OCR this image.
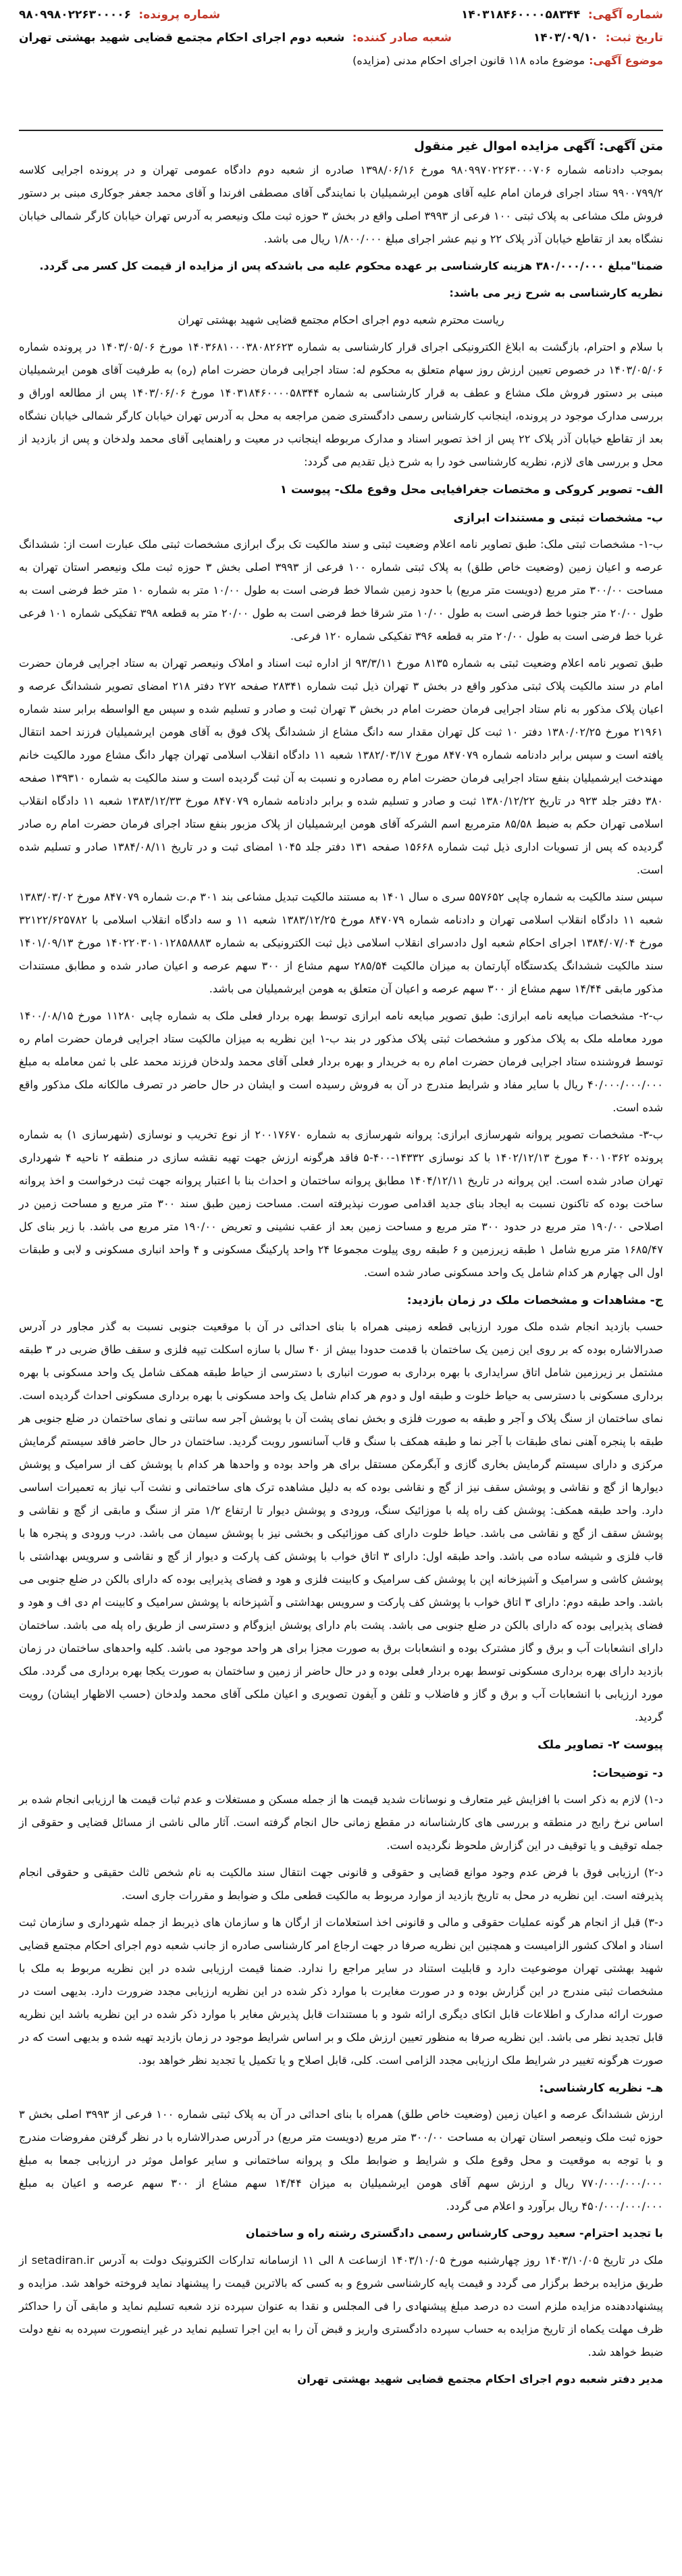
شماره آگهی: ۱۴۰۳۱۸۴۶۰۰۰۰۵۸۳۴۴
شماره پرونده: ۹۸۰۹۹۸۰۲۲۶۳۰۰۰۰۶
تاریخ ثبت: ۱۴۰۳/۰۹/۱۰
شعبه صادر کننده: شعبه دوم اجرای احکام مجتمع قضایی شهید بهشتی تهران
موضوع آگهی:
موضوع ماده ۱۱۸ قانون اجرای احکام مدنی (مزایده)
متن آگهی: آگهی مزایده اموال غیر منقول

بموجب دادنامه شماره ۹۸۰۹۹۷۰۲۲۶۳۰۰۰۷۰۶ مورخ ۱۳۹۸/۰۶/۱۶ صادره از شعبه دوم دادگاه عمومی تهران و در پرونده اجرایی کلاسه ۹۹۰۰۷۹۹/۲ ستاد اجرای فرمان امام علیه آقای هومن ایرشمیلیان با نمایندگی آقای مصطفی افرندا و آقای محمد جعفر جوکاری مبنی بر دستور فروش ملک مشاعی به پلاک ثبتی ۱۰۰ فرعی از ۳۹۹۳ اصلی واقع در بخش ۳ حوزه ثبت ملک ونیعصر به آدرس تهران خیابان کارگر شمالی خیابان نشگاه بعد از تقاطع خیابان آذر پلاک ۲۲ و نیم عشر اجرای مبلغ ۱/۸۰۰/۰۰۰ ریال می باشد.

ضمنا"مبلغ ۳۸۰/۰۰۰/۰۰۰ هزینه کارشناسی بر عهده محکوم علیه می باشدکه پس از مزایده از قیمت کل کسر می گردد.

نظریه کارشناسی به شرح زیر می باشد:

ریاست محترم شعبه دوم اجرای احکام مجتمع قضایی شهید بهشتی تهران

با سلام و احترام، بازگشت به ابلاغ الکترونیکی اجرای قرار کارشناسی به شماره ۱۴۰۳۶۸۱۰۰۰۳۸۰۸۲۶۲۳ مورخ ۱۴۰۳/۰۵/۰۶ در پرونده شماره ۱۴۰۳/۰۵/۰۶ در خصوص تعیین ارزش روز سهام متعلق به محکوم له: ستاد اجرایی فرمان حضرت امام (ره) به طرفیت آقای هومن ایرشمیلیان مبنی بر دستور فروش ملک مشاع و عطف به قرار کارشناسی به شماره ۱۴۰۳۱۸۴۶۰۰۰۰۵۸۳۴۴ مورخ ۱۴۰۳/۰۶/۰۶ پس از مطالعه اوراق و بررسی مدارک موجود در پرونده، اینجانب کارشناس رسمی دادگستری ضمن مراجعه به محل به آدرس تهران خیابان کارگر شمالی خیابان نشگاه بعد از تقاطع خیابان آذر پلاک ۲۲ پس از اخذ تصویر اسناد و مدارک مربوطه اینجانب در معیت و راهنمایی آقای محمد ولدخان و پس از بازدید از محل و بررسی های لازم، نظریه کارشناسی خود را به شرح ذیل تقدیم می گردد:

الف- تصویر کروکی و مختصات جغرافیایی محل وقوع ملک- پیوست ۱
ب- مشخصات ثبتی و مستندات ابرازی

ب-۱- مشخصات ثبتی ملک: طبق تصاویر نامه اعلام وضعیت ثبتی و سند مالکیت تک برگ ابرازی مشخصات ثبتی ملک عبارت است از: ششدانگ عرصه و اعیان زمین (وضعیت خاص طلق) به پلاک ثبتی شماره ۱۰۰ فرعی از ۳۹۹۳ اصلی بخش ۳ حوزه ثبت ملک ونیعصر استان تهران به مساحت ۳۰۰/۰۰ متر مربع (دویست متر مربع) با حدود زمین شمالا خط فرضی است به طول ۱۰/۰۰ متر به شماره ۱۰ متر خط فرضی است به طول ۲۰/۰۰ متر جنوبا خط فرضی است به طول ۱۰/۰۰ متر شرقا خط فرضی است به طول ۲۰/۰۰ متر به قطعه ۳۹۸ تفکیکی شماره ۱۰۱ فرعی غربا خط فرضی است به طول ۲۰/۰۰ متر به قطعه ۳۹۶ تفکیکی شماره ۱۲۰ فرعی.

طبق تصویر نامه اعلام وضعیت ثبتی به شماره ۸۱۳۵ مورخ ۹۳/۳/۱۱ از اداره ثبت اسناد و املاک ونیعصر تهران به ستاد اجرایی فرمان حضرت امام در سند مالکیت پلاک ثبتی مذکور واقع در بخش ۳ تهران ذیل ثبت شماره ۲۸۳۴۱ صفحه ۲۷۲ دفتر ۲۱۸ امضای تصویر ششدانگ عرصه و اعیان پلاک مذکور به نام ستاد اجرایی فرمان حضرت امام در بخش ۳ تهران ثبت و صادر و تسلیم شده و سپس مع الواسطه برابر سند شماره ۲۱۹۶۱ مورخ ۱۳۸۰/۰۲/۲۵ دفتر ۱۰ ثبت کل تهران مقدار سه دانگ مشاع از ششدانگ پلاک فوق به آقای هومن ایرشمیلیان فرزند احمد انتقال یافته است و سپس برابر دادنامه شماره ۸۴۷۰۷۹ مورخ ۱۳۸۲/۰۳/۱۷ شعبه ۱۱ دادگاه انقلاب اسلامی تهران چهار دانگ مشاع مورد مالکیت خانم مهندخت ایرشمیلیان بنفع ستاد اجرایی فرمان حضرت امام ره مصادره و نسبت به آن ثبت گردیده است و سند مالکیت به شماره ۱۳۹۳۱۰ صفحه ۳۸۰ دفتر جلد ۹۲۳ در تاریخ ۱۳۸۰/۱۲/۲۲ ثبت و صادر و تسلیم شده و برابر دادنامه شماره ۸۴۷۰۷۹ مورخ ۱۳۸۳/۱۲/۳۳ شعبه ۱۱ دادگاه انقلاب اسلامی تهران حکم به ضبط ۸۵/۵۸ مترمربع اسم الشرکه آقای هومن ایرشمیلیان از پلاک مزبور بنفع ستاد اجرای فرمان حضرت امام ره صادر گردیده که پس از تسویات اداری ذیل ثبت شماره ۱۵۶۶۸ صفحه ۱۳۱ دفتر جلد ۱۰۴۵ امضای ثبت و در تاریخ ۱۳۸۴/۰۸/۱۱ صادر و تسلیم شده است.

سپس سند مالکیت به شماره چاپی ۵۵۷۶۵۲ سری ه سال ۱۴۰۱ به مستند مالکیت تبدیل مشاعی بند ۳۰۱ م.ت شماره ۸۴۷۰۷۹ مورخ ۱۳۸۳/۰۳/۰۲ شعبه ۱۱ دادگاه انقلاب اسلامی تهران و دادنامه شماره ۸۴۷۰۷۹ مورخ ۱۳۸۳/۱۲/۲۵ شعبه ۱۱ و سه دادگاه انقلاب اسلامی با ۳۲۱۲۲/۶۲۵۷۸۲ مورخ ۱۳۸۴/۰۷/۰۴ اجرای احکام شعبه اول دادسرای انقلاب اسلامی ذیل ثبت الکترونیکی به شماره ۱۴۰۲۲۰۳۰۱۰۱۲۸۵۸۸۸۳ مورخ ۱۴۰۱/۰۹/۱۳ سند مالکیت ششدانگ یکدستگاه آپارتمان به میزان مالکیت ۲۸۵/۵۴ سهم مشاع از ۳۰۰ سهم عرصه و اعیان صادر شده و مطابق مستندات مذکور مابقی ۱۴/۴۴ سهم مشاع از ۳۰۰ سهم عرصه و اعیان آن متعلق به هومن ایرشمیلیان می باشد.

ب-۲- مشخصات مبایعه نامه ابرازی: طبق تصویر مبایعه نامه ابرازی توسط بهره بردار فعلی ملک به شماره چاپی ۱۱۲۸۰ مورخ ۱۴۰۰/۰۸/۱۵ مورد معامله ملک به پلاک مذکور و مشخصات ثبتی پلاک مذکور در بند ب-۱ این نظریه به میزان مالکیت ستاد اجرایی فرمان حضرت امام ره توسط فروشنده ستاد اجرایی فرمان حضرت امام ره به خریدار و بهره بردار فعلی آقای محمد ولدخان فرزند محمد علی با ثمن معامله به مبلغ ۴۰/۰۰۰/۰۰۰/۰۰۰ ریال با سایر مفاد و شرایط مندرج در آن به فروش رسیده است و ایشان در حال حاضر در تصرف مالکانه ملک مذکور واقع شده است.

ب-۳- مشخصات تصویر پروانه شهرسازی ابرازی: پروانه شهرسازی به شماره ۲۰۰۱۷۶۷۰ از نوع تخریب و نوسازی (شهرسازی ۱) به شماره پرونده ۴۰۰۱۰۳۶۲ مورخ ۱۴۰۲/۱۲/۱۳ با کد نوسازی ۱۴۳۳۲-۴۰۰-۵ فاقد هرگونه ارزش جهت تهیه نقشه سازی در منطقه ۲ ناحیه ۴ شهرداری تهران صادر شده است. این پروانه در تاریخ ۱۴۰۴/۱۲/۱۱ مطابق پروانه ساختمان و احداث بنا با اعتبار پروانه جهت ثبت درخواست و اخذ پروانه ساخت بوده که تاکنون نسبت به ایجاد بنای جدید اقدامی صورت نپذیرفته است. مساحت زمین طبق سند ۳۰۰ متر مربع و مساحت زمین در اصلاحی ۱۹۰/۰۰ متر مربع در حدود ۳۰۰ متر مربع و مساحت زمین بعد از عقب نشینی و تعریض ۱۹۰/۰۰ متر مربع می باشد. با زیر بنای کل ۱۶۸۵/۴۷ متر مربع شامل ۱ طبقه زیرزمین و ۶ طبقه روی پیلوت مجموعا ۲۴ واحد پارکینگ مسکونی و ۴ واحد انباری مسکونی و لابی و طبقات اول الی چهارم هر کدام شامل یک واحد مسکونی صادر شده است.

ج- مشاهدات و مشخصات ملک در زمان بازدید:

حسب بازدید انجام شده ملک مورد ارزیابی قطعه زمینی همراه با بنای احداثی در آن با موقعیت جنوبی نسبت به گذر مجاور در آدرس صدرالاشاره بوده که بر روی این زمین یک ساختمان با قدمت حدودا بیش از ۴۰ سال با سازه اسکلت تیپه فلزی و سقف طاق ضربی در ۳ طبقه مشتمل بر زیرزمین شامل اتاق سرایداری با بهره برداری به صورت انباری با دسترسی از حیاط طبقه همکف شامل یک واحد مسکونی با بهره برداری مسکونی با دسترسی به حیاط خلوت و طبقه اول و دوم هر کدام شامل یک واحد مسکونی با بهره برداری مسکونی احداث گردیده است. نمای ساختمان از سنگ پلاک و آجر و طبقه به صورت فلزی و بخش نمای پشت آن با پوشش آجر سه سانتی و نمای ساختمان در ضلع جنوبی هر طبقه با پنجره آهنی نمای طبقات با آجر نما و طبقه همکف با سنگ و قاب آسانسور روبت گردید. ساختمان در حال حاضر فاقد سیستم گرمایش مرکزی و دارای سیستم گرمایش بخاری گازی و آبگرمکن مستقل برای هر واحد بوده و واحدها هر کدام با پوشش کف از سرامیک و پوشش دیوارها از گچ و نقاشی و پوشش سقف نیز از گچ و نقاشی بوده که به دلیل مشاهده ترک های ساختمانی و نشت آب نیاز به تعمیرات اساسی دارد. واحد طبقه همکف: پوشش کف راه پله با موزائیک سنگ، ورودی و پوشش دیوار تا ارتفاع ۱/۲ متر از سنگ و مابقی از گچ و نقاشی و پوشش سقف از گچ و نقاشی می باشد. حیاط خلوت دارای کف موزائیکی و بخشی نیز با پوشش سیمان می باشد. درب ورودی و پنجره ها با قاب فلزی و شیشه ساده می باشد. واحد طبقه اول: دارای ۳ اتاق خواب با پوشش کف پارکت و دیوار از گچ و نقاشی و سرویس بهداشتی با پوشش کاشی و سرامیک و آشپزخانه اپن با پوشش کف سرامیک و کابینت فلزی و هود و فضای پذیرایی بوده که دارای بالکن در ضلع جنوبی می باشد. واحد طبقه دوم: دارای ۳ اتاق خواب با پوشش کف پارکت و سرویس بهداشتی و آشپزخانه با پوشش سرامیک و کابینت ام دی اف و هود و فضای پذیرایی بوده که دارای بالکن در ضلع جنوبی می باشد. پشت بام دارای پوشش ایزوگام و دسترسی از طریق راه پله می باشد. ساختمان دارای انشعابات آب و برق و گاز مشترک بوده و انشعابات برق به صورت مجزا برای هر واحد موجود می باشد. کلیه واحدهای ساختمان در زمان بازدید دارای بهره برداری مسکونی توسط بهره بردار فعلی بوده و در حال حاضر از زمین و ساختمان به صورت یکجا بهره برداری می گردد. ملک مورد ارزیابی با انشعابات آب و برق و گاز و فاضلاب و تلفن و آیفون تصویری و اعیان ملکی آقای محمد ولدخان (حسب الاظهار ایشان) رویت گردید.

پیوست ۲- تصاویر ملک
د- توضیحات:

د-۱) لازم به ذکر است با افزایش غیر متعارف و نوسانات شدید قیمت ها از جمله مسکن و مستغلات و عدم ثبات قیمت ها ارزیابی انجام شده بر اساس نرخ رایج در منطقه و بررسی های کارشناسانه در مقطع زمانی حال انجام گرفته است. آثار مالی ناشی از مسائل قضایی و حقوقی از جمله توقیف و یا توقیف در این گزارش ملحوظ نگردیده است.

د-۲) ارزیابی فوق با فرض عدم وجود موانع قضایی و حقوقی و قانونی جهت انتقال سند مالکیت به نام شخص ثالث حقیقی و حقوقی انجام پذیرفته است. این نظریه در محل به تاریخ بازدید از موارد مربوط به مالکیت قطعی ملک و ضوابط و مقررات جاری است.

د-۳) قبل از انجام هر گونه عملیات حقوقی و مالی و قانونی اخذ استعلامات از ارگان ها و سازمان های ذیربط از جمله شهرداری و سازمان ثبت اسناد و املاک کشور الزامیست و همچنین این نظریه صرفا در جهت ارجاع امر کارشناسی صادره از جانب شعبه دوم اجرای احکام مجتمع قضایی شهید بهشتی تهران موضوعیت دارد و قابلیت استناد در سایر مراجع را ندارد. ضمنا قیمت ارزیابی شده در این نظریه مربوط به ملک با مشخصات ثبتی مندرج در این گزارش بوده و در صورت مغایرت با موارد ذکر شده در این نظریه ارزیابی مجدد ضرورت دارد. بدیهی است در صورت ارائه مدارک و اطلاعات قابل اتکای دیگری ارائه شود و با مستندات قابل پذیرش مغایر با موارد ذکر شده در این نظریه باشد این نظریه قابل تجدید نظر می باشد. این نظریه صرفا به منظور تعیین ارزش ملک و بر اساس شرایط موجود در زمان بازدید تهیه شده و بدیهی است که در صورت هرگونه تغییر در شرایط ملک ارزیابی مجدد الزامی است. کلی، قابل اصلاح و یا تکمیل یا تجدید نظر خواهد بود.

هـ- نظریه کارشناسی:

ارزش ششدانگ عرصه و اعیان زمین (وضعیت خاص طلق) همراه با بنای احداثی در آن به پلاک ثبتی شماره ۱۰۰ فرعی از ۳۹۹۳ اصلی بخش ۳ حوزه ثبت ملک ونیعصر استان تهران به مساحت ۳۰۰/۰۰ متر مربع (دویست متر مربع) در آدرس صدرالاشاره با در نظر گرفتن مفروضات مندرج و با توجه به موقعیت و محل وقوع ملک و شرایط و ضوابط ملک و پروانه ساختمانی و سایر عوامل موثر در ارزیابی جمعا به مبلغ ۷۷۰/۰۰۰/۰۰۰/۰۰۰ ریال و ارزش سهم آقای هومن ایرشمیلیان به میزان ۱۴/۴۴ سهم مشاع از ۳۰۰ سهم عرصه و اعیان به مبلغ ۴۵۰/۰۰۰/۰۰۰/۰۰۰ ریال برآورد و اعلام می گردد.

با تجدید احترام- سعید روحی کارشناس رسمی دادگستری رشته راه و ساختمان

ملک در تاریخ ۱۴۰۳/۱۰/۰۵ روز چهارشنبه مورخ ۱۴۰۳/۱۰/۰۵ ازساعت ۸ الی ۱۱ ازسامانه تدارکات الکترونیک دولت به آدرس setadiran.ir از طریق مزایده برخط برگزار می گردد و قیمت پایه کارشناسی شروع و به کسی که بالاترین قیمت را پیشنهاد نماید فروخته خواهد شد. مزایده و پیشنهاددهنده مزایده ملزم است ده درصد مبلغ پیشنهادی را فی المجلس و نقدا به عنوان سپرده نزد شعبه تسلیم نماید و مابقی آن را حداکثر ظرف مهلت یکماه از تاریخ مزایده به حساب سپرده دادگستری واریز و قبض آن را به این اجرا تسلیم نماید در غیر اینصورت سپرده به نفع دولت ضبط خواهد شد.

مدیر دفتر شعبه دوم اجرای احکام مجتمع قضایی شهید بهشتی تهران
